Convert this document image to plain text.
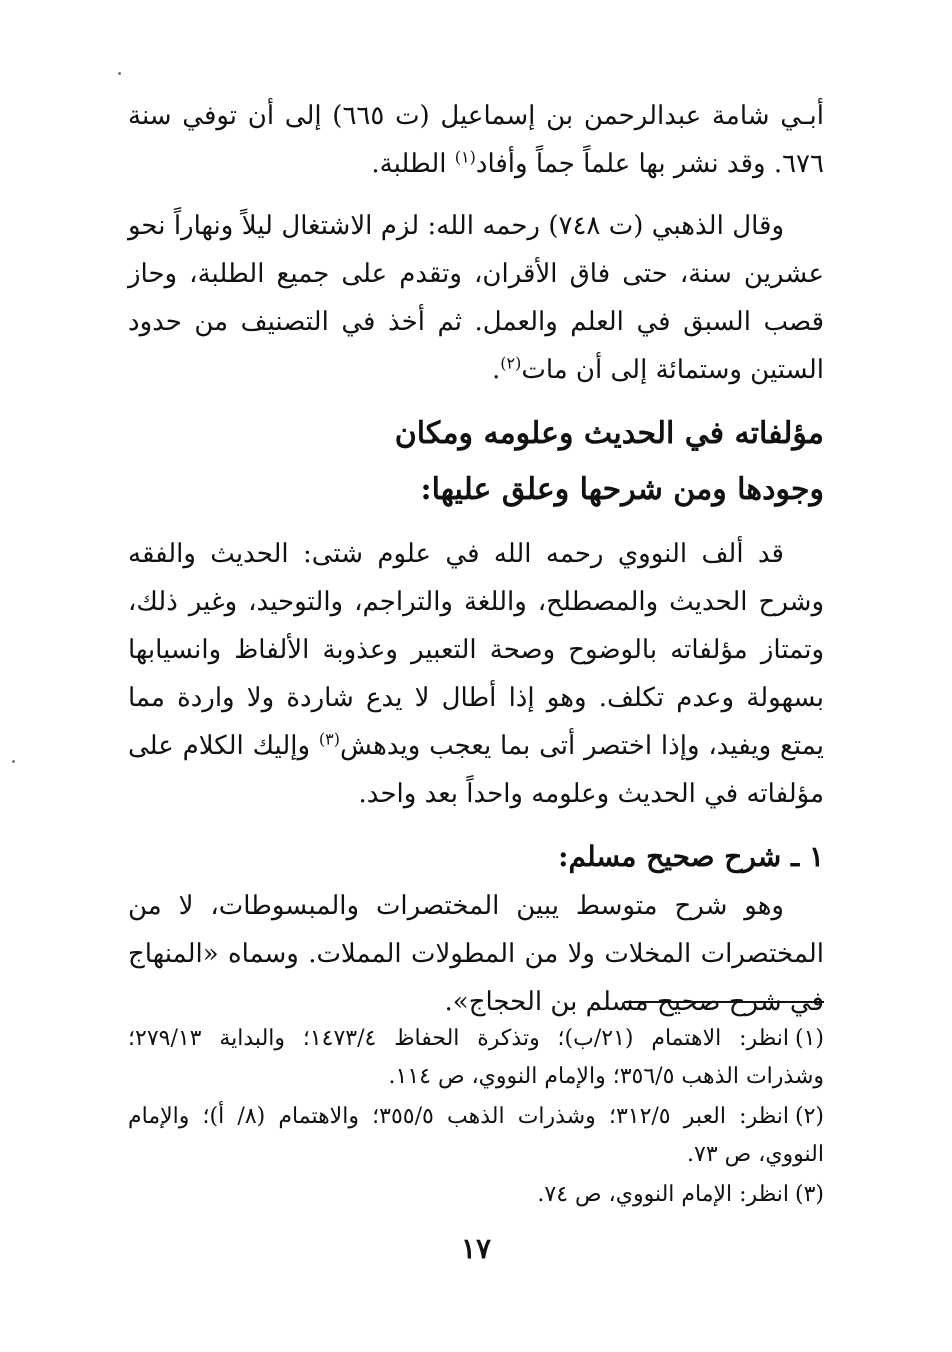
أبـي شامة عبدالرحمن بن إسماعيل (ت ٦٦٥) إلى أن توفي سنة ٦٧٦. وقد نشر بها علماً جماً وأفاد$^{(١)}$ الطلبة.

وقال الذهبي (ت ٧٤٨) رحمه الله: لزم الاشتغال ليلاً ونهاراً نحو عشرين سنة، حتى فاق الأقران، وتقدم على جميع الطلبة، وحاز قصب السبق في العلم والعمل. ثم أخذ في التصنيف من حدود الستين وستمائة إلى أن مات$^{(٢)}$.

مؤلفاته في الحديث وعلومه ومكان
وجودها ومن شرحها وعلق عليها:

قد ألف النووي رحمه الله في علوم شتى: الحديث والفقه وشرح الحديث والمصطلح، واللغة والتراجم، والتوحيد، وغير ذلك، وتمتاز مؤلفاته بالوضوح وصحة التعبير وعذوبة الألفاظ وانسيابها بسهولة وعدم تكلف. وهو إذا أطال لا يدع شاردة ولا واردة مما يمتع ويفيد، وإذا اختصر أتى بما يعجب ويدهش$^{(٣)}$ وإليك الكلام على مؤلفاته في الحديث وعلومه واحداً بعد واحد.

١ ـ شرح صحيح مسلم:

وهو شرح متوسط يبين المختصرات والمبسوطات، لا من المختصرات المخلات ولا من المطولات المملات. وسماه «المنهاج في شرح صحيح مسلم بن الحجاج».

(١)انظر: الاهتمام (٢١/ب)؛ وتذكرة الحفاظ ١٤٧٣/٤؛ والبداية ٢٧٩/١٣؛ وشذرات الذهب ٣٥٦/٥؛ والإمام النووي، ص ١١٤.

(٢)انظر: العبر ٣١٢/٥؛ وشذرات الذهب ٣٥٥/٥؛ والاهتمام (٨/ أ)؛ والإمام النووي، ص ٧٣.

(٣)انظر: الإمام النووي، ص ٧٤.

١٧
